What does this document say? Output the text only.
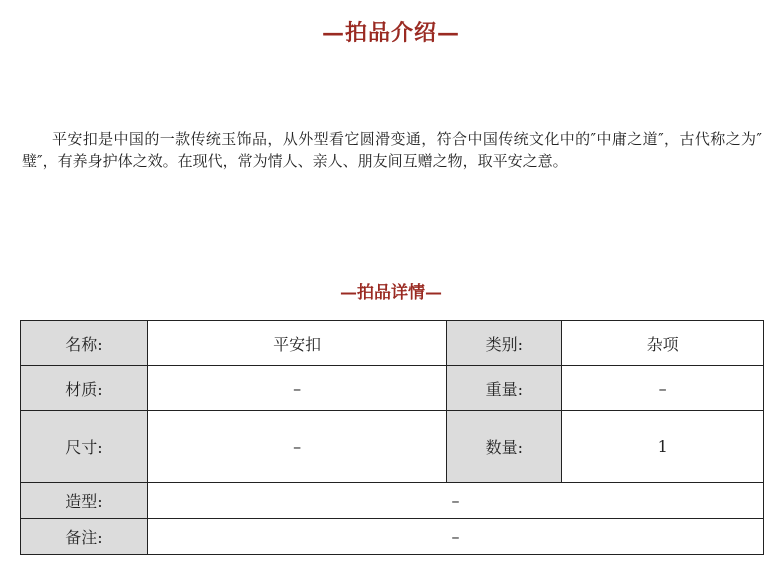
—拍品介绍—

平安扣是中国的一款传统玉饰品，从外型看它圆滑变通，符合中国传统文化中的″中庸之道″，古代称之为″璧″，有养身护体之效。在现代，常为情人、亲人、朋友间互赠之物，取平安之意。

—拍品详情—
名称:	平安扣	类别:	杂项
材质:	–	重量:	–
尺寸:	–	数量:	1
造型:	–		
备注:	–		
